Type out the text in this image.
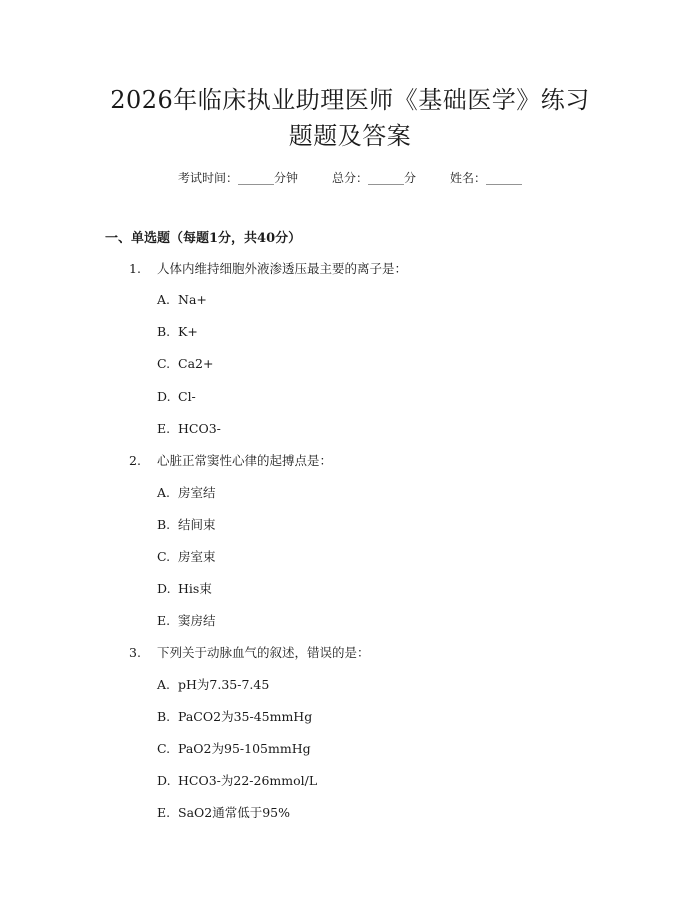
2026年临床执业助理医师《基础医学》练习
题题及答案
考试时间：______分钟	总分：______分	姓名：______
一、单选题（每题1分，共40分）
1. 人体内维持细胞外液渗透压最主要的离子是：
A. Na+
B. K+
C. Ca2+
D. Cl-
E. HCO3-
2. 心脏正常窦性心律的起搏点是：
A. 房室结
B. 结间束
C. 房室束
D. His束
E. 窦房结
3. 下列关于动脉血气的叙述，错误的是：
A. pH为7.35-7.45
B. PaCO2为35-45mmHg
C. PaO2为95-105mmHg
D. HCO3-为22-26mmol/L
E. SaO2通常低于95%
